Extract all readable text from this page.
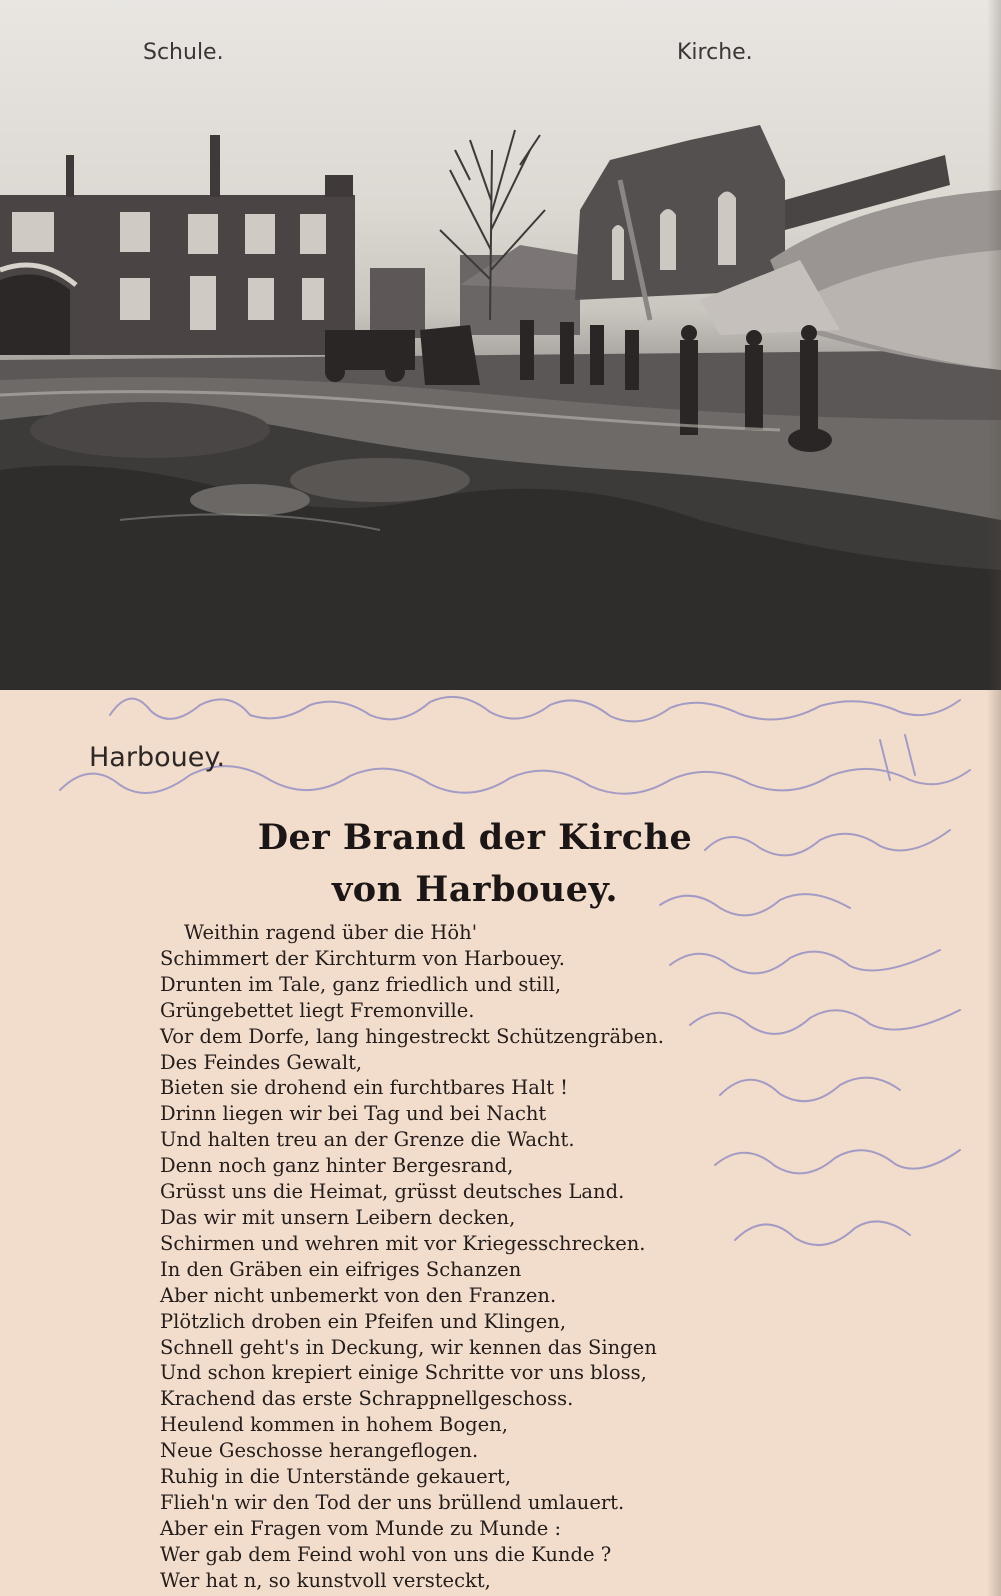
Schule.	Kirche.
Harbouey.
Der Brand der Kirche
von Harbouey.
Weithin ragend über die Höh'
Schimmert der Kirchturm von Harbouey.
Drunten im Tale, ganz friedlich und still,
Grüngebettet liegt Fremonville.
Vor dem Dorfe, lang hingestreckt Schützengräben.
Des Feindes Gewalt,
Bieten sie drohend ein furchtbares Halt !
Drinn liegen wir bei Tag und bei Nacht
Und halten treu an der Grenze die Wacht.
Denn noch ganz hinter Bergesrand,
Grüsst uns die Heimat, grüsst deutsches Land.
Das wir mit unsern Leibern decken,
Schirmen und wehren mit vor Kriegesschrecken.
In den Gräben ein eifriges Schanzen
Aber nicht unbemerkt von den Franzen.
Plötzlich droben ein Pfeifen und Klingen,
Schnell geht's in Deckung, wir kennen das Singen
Und schon krepiert einige Schritte vor uns bloss,
Krachend das erste Schrappnellgeschoss.
Heulend kommen in hohem Bogen,
Neue Geschosse herangeflogen.
Ruhig in die Unterstände gekauert,
Flieh'n wir den Tod der uns brüllend umlauert.
Aber ein Fragen vom Munde zu Munde :
Wer gab dem Feind wohl von uns die Kunde ?
Wer hat n, so kunstvoll versteckt,
